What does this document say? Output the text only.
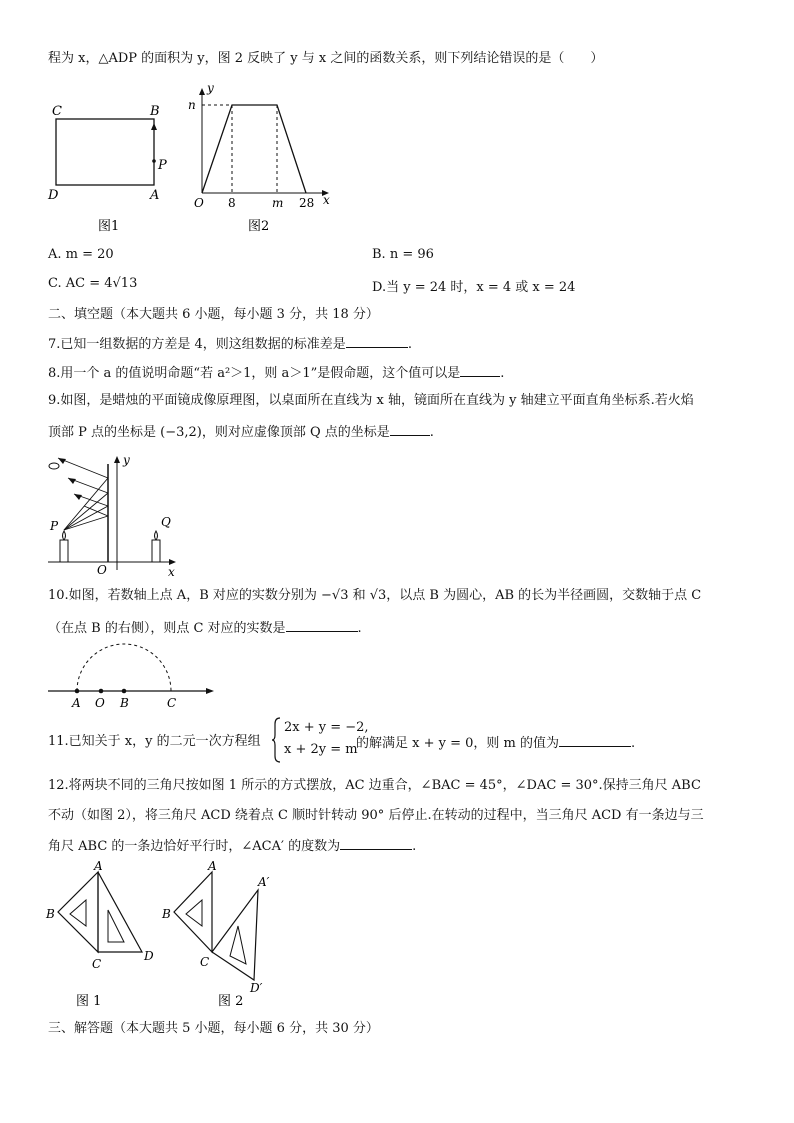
程为 x，△ADP 的面积为 y，图 2 反映了 y 与 x 之间的函数关系，则下列结论错误的是（　　）
C	B
D	A
P
图1
y
n
O 8	m 28 x
图2
A. m = 20	B. n = 96
C. AC = 4√13	D.当 y = 24 时，x = 4 或 x = 24
二、填空题（本大题共 6 小题，每小题 3 分，共 18 分）
7.已知一组数据的方差是 4，则这组数据的标准差是	.
8.用一个 a 的值说明命题“若 a²＞1，则 a＞1”是假命题，这个值可以是	.
9.如图，是蜡烛的平面镜成像原理图，以桌面所在直线为 x 轴，镜面所在直线为 y 轴建立平面直角坐标系.若火焰
顶部 P 点的坐标是 (−3,2)，则对应虚像顶部 Q 点的坐标是	.
y
P	Q
O	x
10.如图，若数轴上点 A，B 对应的实数分别为 −√3 和 √3，以点 B 为圆心，AB 的长为半径画圆，交数轴于点 C
（在点 B 的右侧），则点 C 对应的实数是	.
A O B	C
11.已知关于 x，y 的二元一次方程组
2x + y = −2,
x + 2y = m
的解满足 x + y = 0，则 m 的值为	.
12.将两块不同的三角尺按如图 1 所示的方式摆放，AC 边重合，∠BAC = 45°，∠DAC = 30°.保持三角尺 ABC
不动（如图 2），将三角尺 ACD 绕着点 C 顺时针转动 90° 后停止.在转动的过程中，当三角尺 ACD 有一条边与三
角尺 ABC 的一条边恰好平行时，∠ACA′ 的度数为	.
A
B
C
D
图 1
A
A′
B
C
D′
图 2
三、解答题（本大题共 5 小题，每小题 6 分，共 30 分）
